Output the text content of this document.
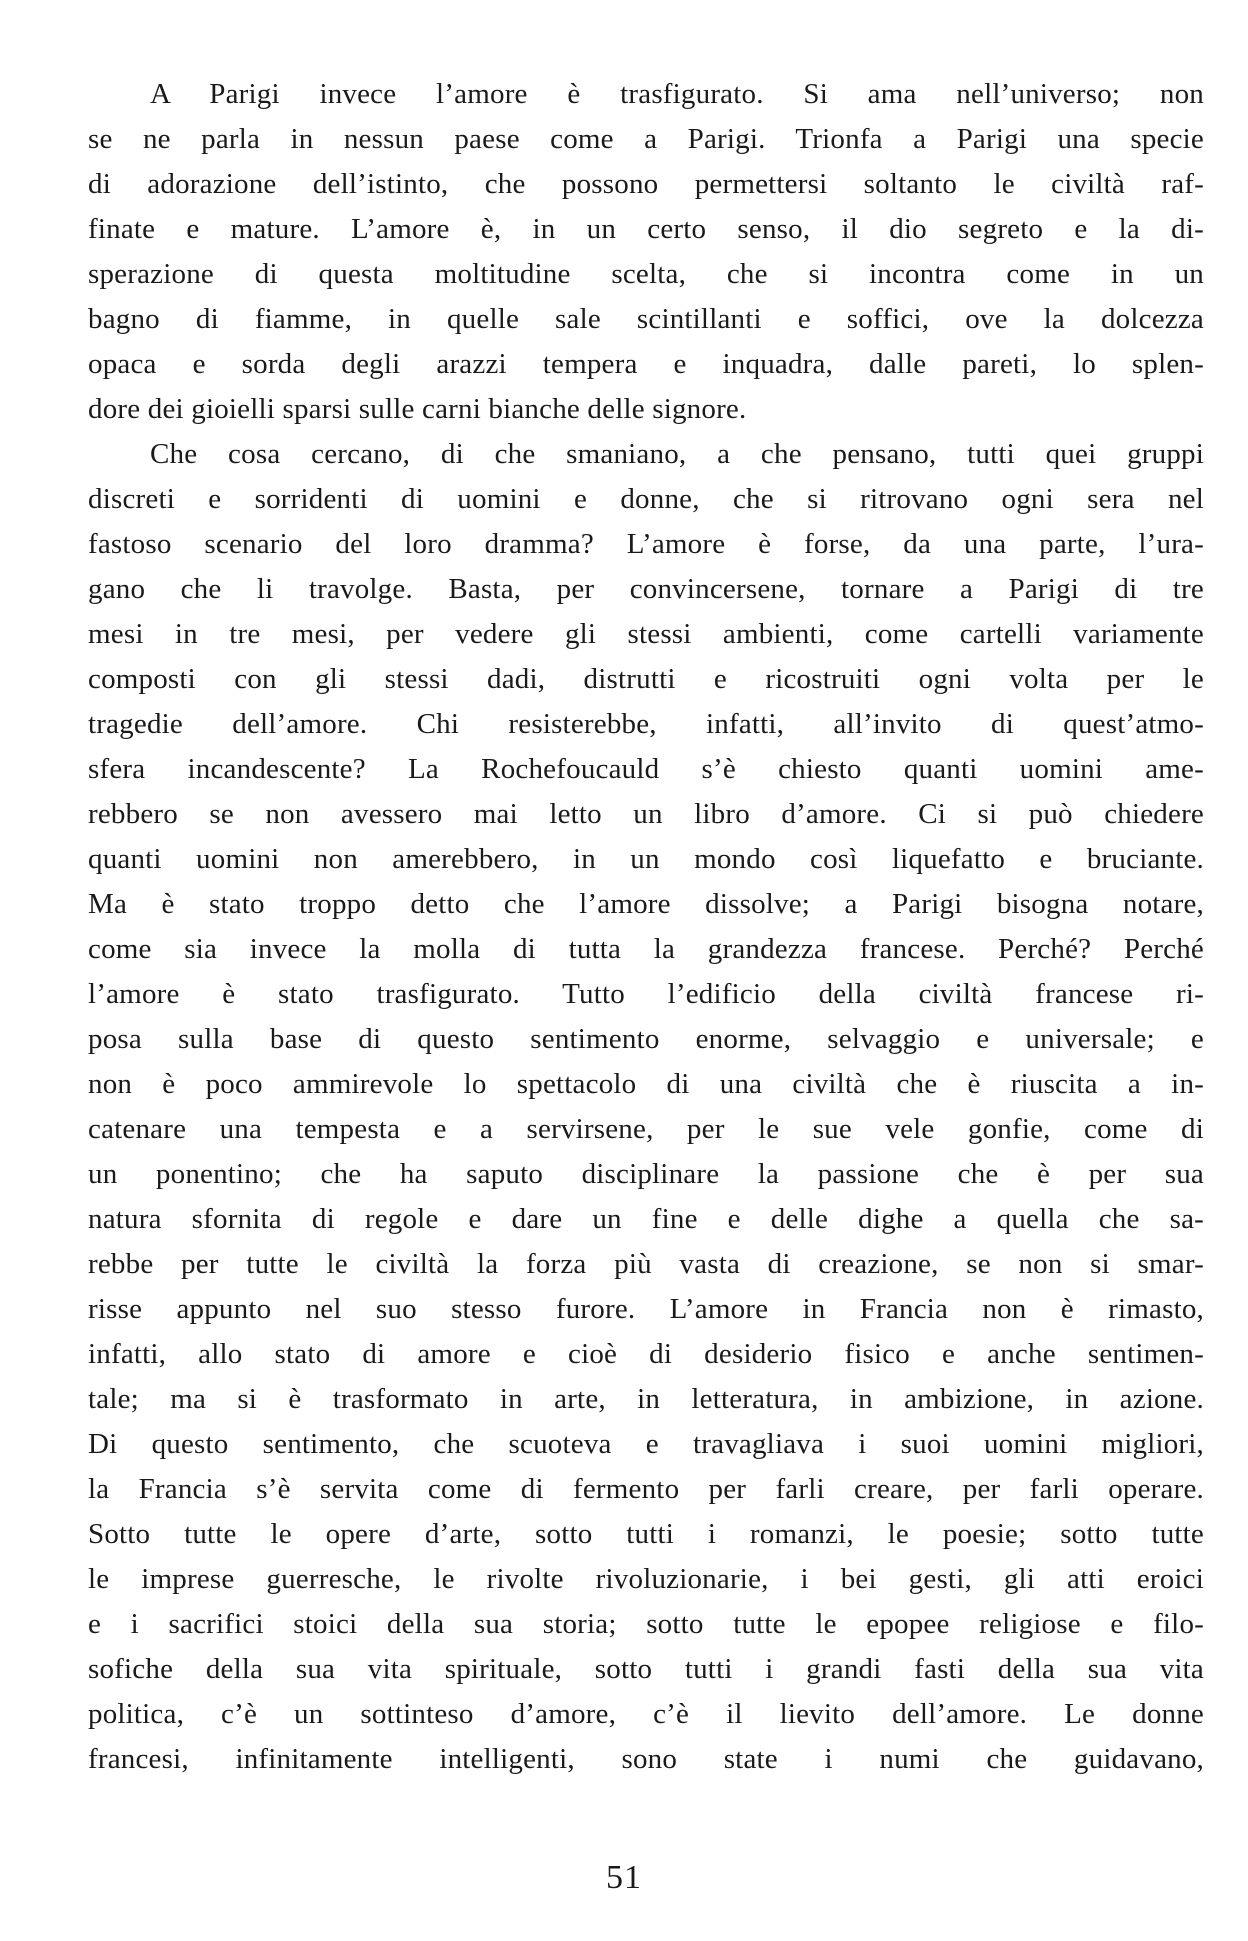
A Parigi invece l’amore è trasfigurato. Si ama nell’universo; non
se ne parla in nessun paese come a Parigi. Trionfa a Parigi una specie
di adorazione dell’istinto, che possono permettersi soltanto le civiltà raf-
finate e mature. L’amore è, in un certo senso, il dio segreto e la di-
sperazione di questa moltitudine scelta, che si incontra come in un
bagno di fiamme, in quelle sale scintillanti e soffici, ove la dolcezza
opaca e sorda degli arazzi tempera e inquadra, dalle pareti, lo splen-
dore dei gioielli sparsi sulle carni bianche delle signore.
Che cosa cercano, di che smaniano, a che pensano, tutti quei gruppi
discreti e sorridenti di uomini e donne, che si ritrovano ogni sera nel
fastoso scenario del loro dramma? L’amore è forse, da una parte, l’ura-
gano che li travolge. Basta, per convincersene, tornare a Parigi di tre
mesi in tre mesi, per vedere gli stessi ambienti, come cartelli variamente
composti con gli stessi dadi, distrutti e ricostruiti ogni volta per le
tragedie dell’amore. Chi resisterebbe, infatti, all’invito di quest’atmo-
sfera incandescente? La Rochefoucauld s’è chiesto quanti uomini ame-
rebbero se non avessero mai letto un libro d’amore. Ci si può chiedere
quanti uomini non amerebbero, in un mondo così liquefatto e bruciante.
Ma è stato troppo detto che l’amore dissolve; a Parigi bisogna notare,
come sia invece la molla di tutta la grandezza francese. Perché? Perché
l’amore è stato trasfigurato. Tutto l’edificio della civiltà francese ri-
posa sulla base di questo sentimento enorme, selvaggio e universale; e
non è poco ammirevole lo spettacolo di una civiltà che è riuscita a in-
catenare una tempesta e a servirsene, per le sue vele gonfie, come di
un ponentino; che ha saputo disciplinare la passione che è per sua
natura sfornita di regole e dare un fine e delle dighe a quella che sa-
rebbe per tutte le civiltà la forza più vasta di creazione, se non si smar-
risse appunto nel suo stesso furore. L’amore in Francia non è rimasto,
infatti, allo stato di amore e cioè di desiderio fisico e anche sentimen-
tale; ma si è trasformato in arte, in letteratura, in ambizione, in azione.
Di questo sentimento, che scuoteva e travagliava i suoi uomini migliori,
la Francia s’è servita come di fermento per farli creare, per farli operare.
Sotto tutte le opere d’arte, sotto tutti i romanzi, le poesie; sotto tutte
le imprese guerresche, le rivolte rivoluzionarie, i bei gesti, gli atti eroici
e i sacrifici stoici della sua storia; sotto tutte le epopee religiose e filo-
sofiche della sua vita spirituale, sotto tutti i grandi fasti della sua vita
politica, c’è un sottinteso d’amore, c’è il lievito dell’amore. Le donne
francesi, infinitamente intelligenti, sono state i numi che guidavano,
51
